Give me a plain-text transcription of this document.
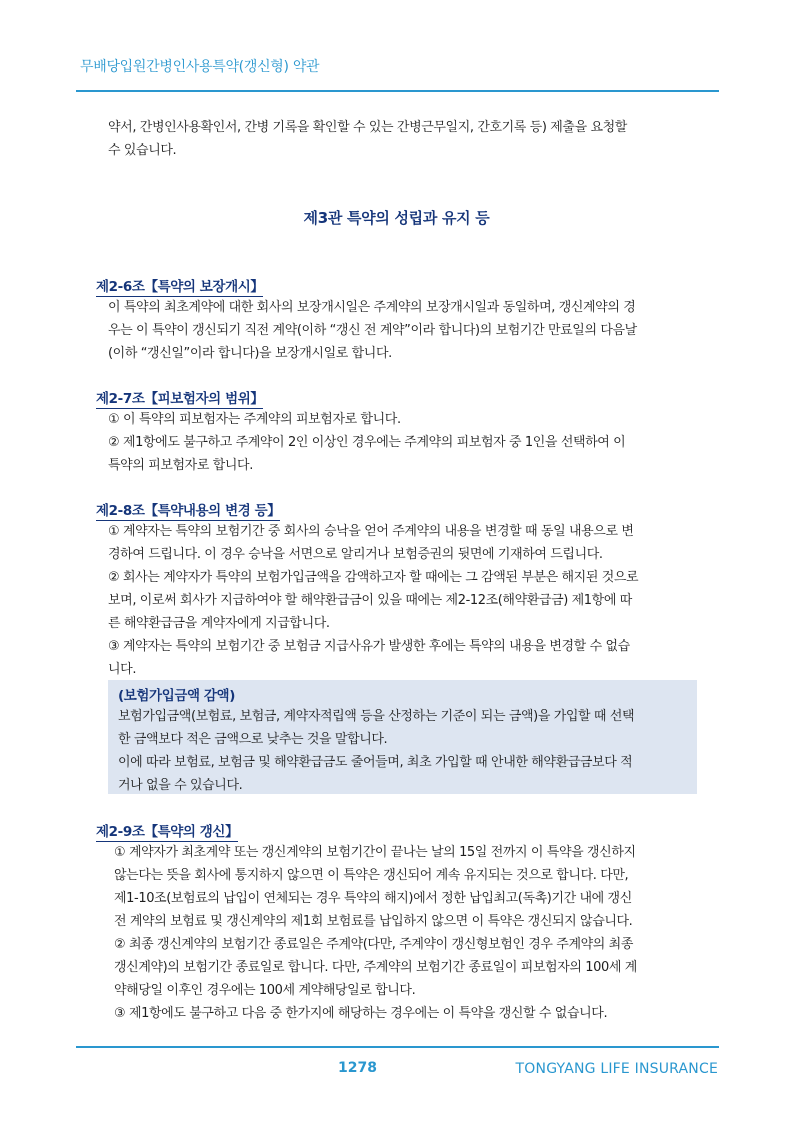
무배당입원간병인사용특약(갱신형) 약관
약서, 간병인사용확인서, 간병 기록을 확인할 수 있는 간병근무일지, 간호기록 등) 제출을 요청할
수 있습니다.
제3관 특약의 성립과 유지 등
제2-6조【특약의 보장개시】
이 특약의 최초계약에 대한 회사의 보장개시일은 주계약의 보장개시일과 동일하며, 갱신계약의 경
우는 이 특약이 갱신되기 직전 계약(이하 “갱신 전 계약”이라 합니다)의 보험기간 만료일의 다음날
(이하 “갱신일”이라 합니다)을 보장개시일로 합니다.
제2-7조【피보험자의 범위】
① 이 특약의 피보험자는 주계약의 피보험자로 합니다.
② 제1항에도 불구하고 주계약이 2인 이상인 경우에는 주계약의 피보험자 중 1인을 선택하여 이
특약의 피보험자로 합니다.
제2-8조【특약내용의 변경 등】
① 계약자는 특약의 보험기간 중 회사의 승낙을 얻어 주계약의 내용을 변경할 때 동일 내용으로 변
경하여 드립니다. 이 경우 승낙을 서면으로 알리거나 보험증권의 뒷면에 기재하여 드립니다.
② 회사는 계약자가 특약의 보험가입금액을 감액하고자 할 때에는 그 감액된 부분은 해지된 것으로
보며, 이로써 회사가 지급하여야 할 해약환급금이 있을 때에는 제2-12조(해약환급금) 제1항에 따
른 해약환급금을 계약자에게 지급합니다.
③ 계약자는 특약의 보험기간 중 보험금 지급사유가 발생한 후에는 특약의 내용을 변경할 수 없습
니다.
(보험가입금액 감액)
보험가입금액(보험료, 보험금, 계약자적립액 등을 산정하는 기준이 되는 금액)을 가입할 때 선택
한 금액보다 적은 금액으로 낮추는 것을 말합니다.
이에 따라 보험료, 보험금 및 해약환급금도 줄어들며, 최초 가입할 때 안내한 해약환급금보다 적
거나 없을 수 있습니다.
제2-9조【특약의 갱신】
① 계약자가 최초계약 또는 갱신계약의 보험기간이 끝나는 날의 15일 전까지 이 특약을 갱신하지
않는다는 뜻을 회사에 통지하지 않으면 이 특약은 갱신되어 계속 유지되는 것으로 합니다. 다만,
제1-10조(보험료의 납입이 연체되는 경우 특약의 해지)에서 정한 납입최고(독촉)기간 내에 갱신
전 계약의 보험료 및 갱신계약의 제1회 보험료를 납입하지 않으면 이 특약은 갱신되지 않습니다.
② 최종 갱신계약의 보험기간 종료일은 주계약(다만, 주계약이 갱신형보험인 경우 주계약의 최종
갱신계약)의 보험기간 종료일로 합니다. 다만, 주계약의 보험기간 종료일이 피보험자의 100세 계
약해당일 이후인 경우에는 100세 계약해당일로 합니다.
③ 제1항에도 불구하고 다음 중 한가지에 해당하는 경우에는 이 특약을 갱신할 수 없습니다.
1278	TONGYANG LIFE INSURANCE
